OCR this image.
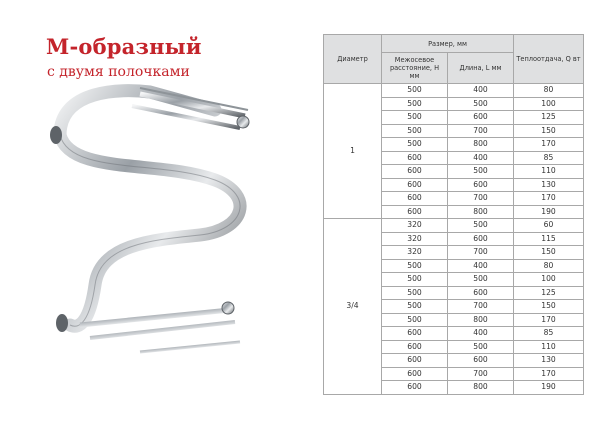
М-образный
с двумя полочками
Диаметр	Размер, мм		Теплоотдача, Q вт
	Межосевое расстояние, Н мм	Длина, L мм	
1	500	400	80
	500	500	100
	500	600	125
	500	700	150
	500	800	170
	600	400	85
	600	500	110
	600	600	130
	600	700	170
	600	800	190
3/4	320	500	60
	320	600	115
	320	700	150
	500	400	80
	500	500	100
	500	600	125
	500	700	150
	500	800	170
	600	400	85
	600	500	110
	600	600	130
	600	700	170
	600	800	190
